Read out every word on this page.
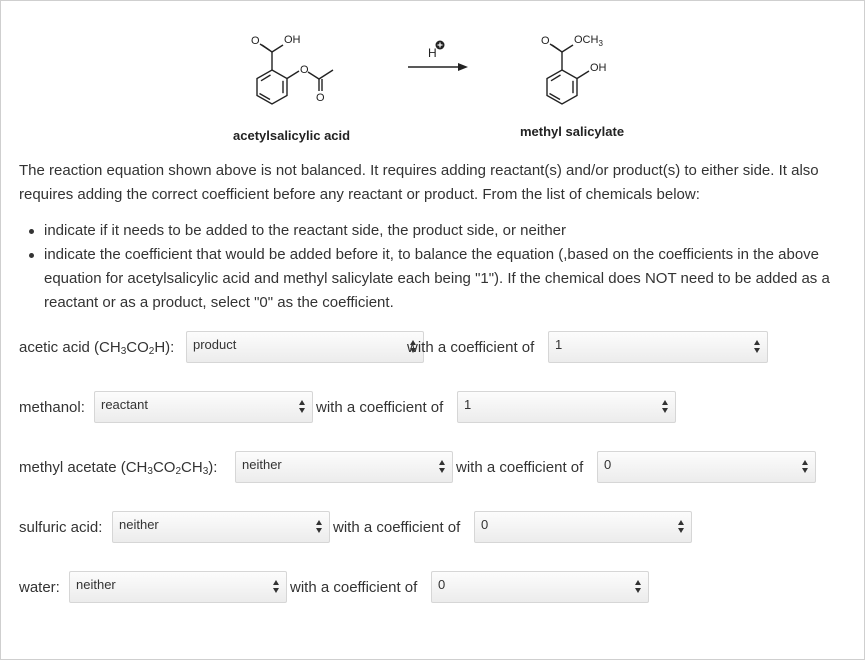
H
OH
O
O
O
O $OCH_3$
OH
acetylsalicylic acid	methyl salicylate
The reaction equation shown above is not balanced. It requires adding reactant(s) and/or product(s) to either side. It also requires adding the correct coefficient before any reactant or product. From the list of chemicals below:
indicate if it needs to be added to the reactant side, the product side, or neither
indicate the coefficient that would be added before it, to balance the equation (,based on the coefficients in the above equation for acetylsalicylic acid and methyl salicylate each being "1"). If the chemical does NOT need to be added as a reactant or as a product, select "0" as the coefficient.
acetic acid $(CH_3CO_2H)$: product	with a coefficient of 1
methanol: reactant	with a coefficient of 1
methyl acetate $(CH_3CO_2CH_3)$: neither	with a coefficient of 0
sulfuric acid: neither	with a coefficient of 0
water: neither	with a coefficient of 0
